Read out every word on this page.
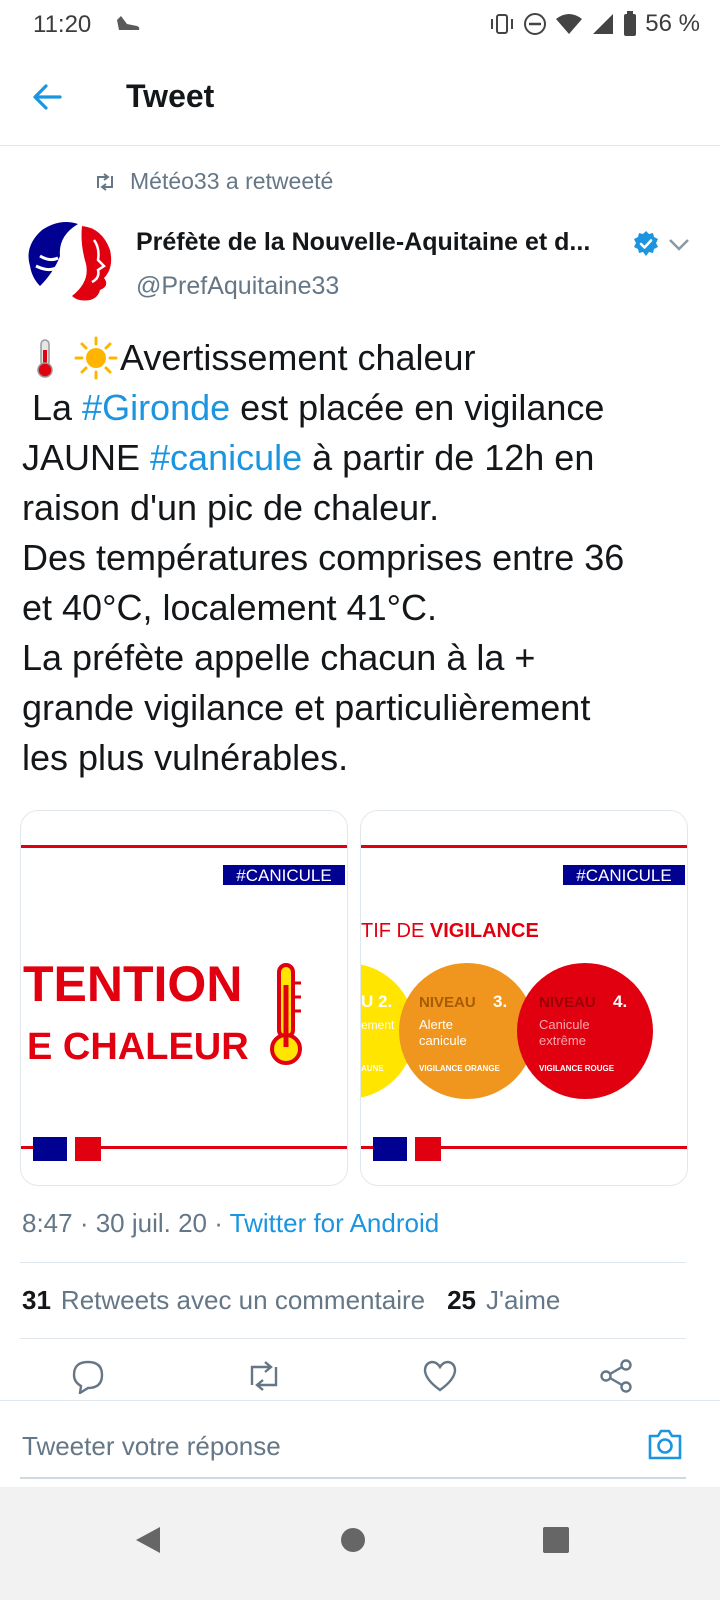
11:20	56 %
Tweet
Météo33 a retweeté
Préfète de la Nouvelle-Aquitaine et d...
@PrefAquitaine33
Avertissement chaleur
La #Gironde est placée en vigilance
JAUNE #canicule à partir de 12h en
raison d'un pic de chaleur.
Des températures comprises entre 36
et 40°C, localement 41°C.
La préfète appelle chacun à la +
grande vigilance et particulièrement
les plus vulnérables.
#CANICULE
TENTION
E CHALEUR
#CANICULE
TIF DE VIGILANCE
U 2.
ement
AUNE
NIVEAU 3.
Alerte
canicule
VIGILANCE ORANGE
NIVEAU 4.
Canicule
extrême
VIGILANCE ROUGE
8:47 · 30 juil. 20 · Twitter for Android
31 Retweets avec un commentaire 25 J'aime
Tweeter votre réponse
